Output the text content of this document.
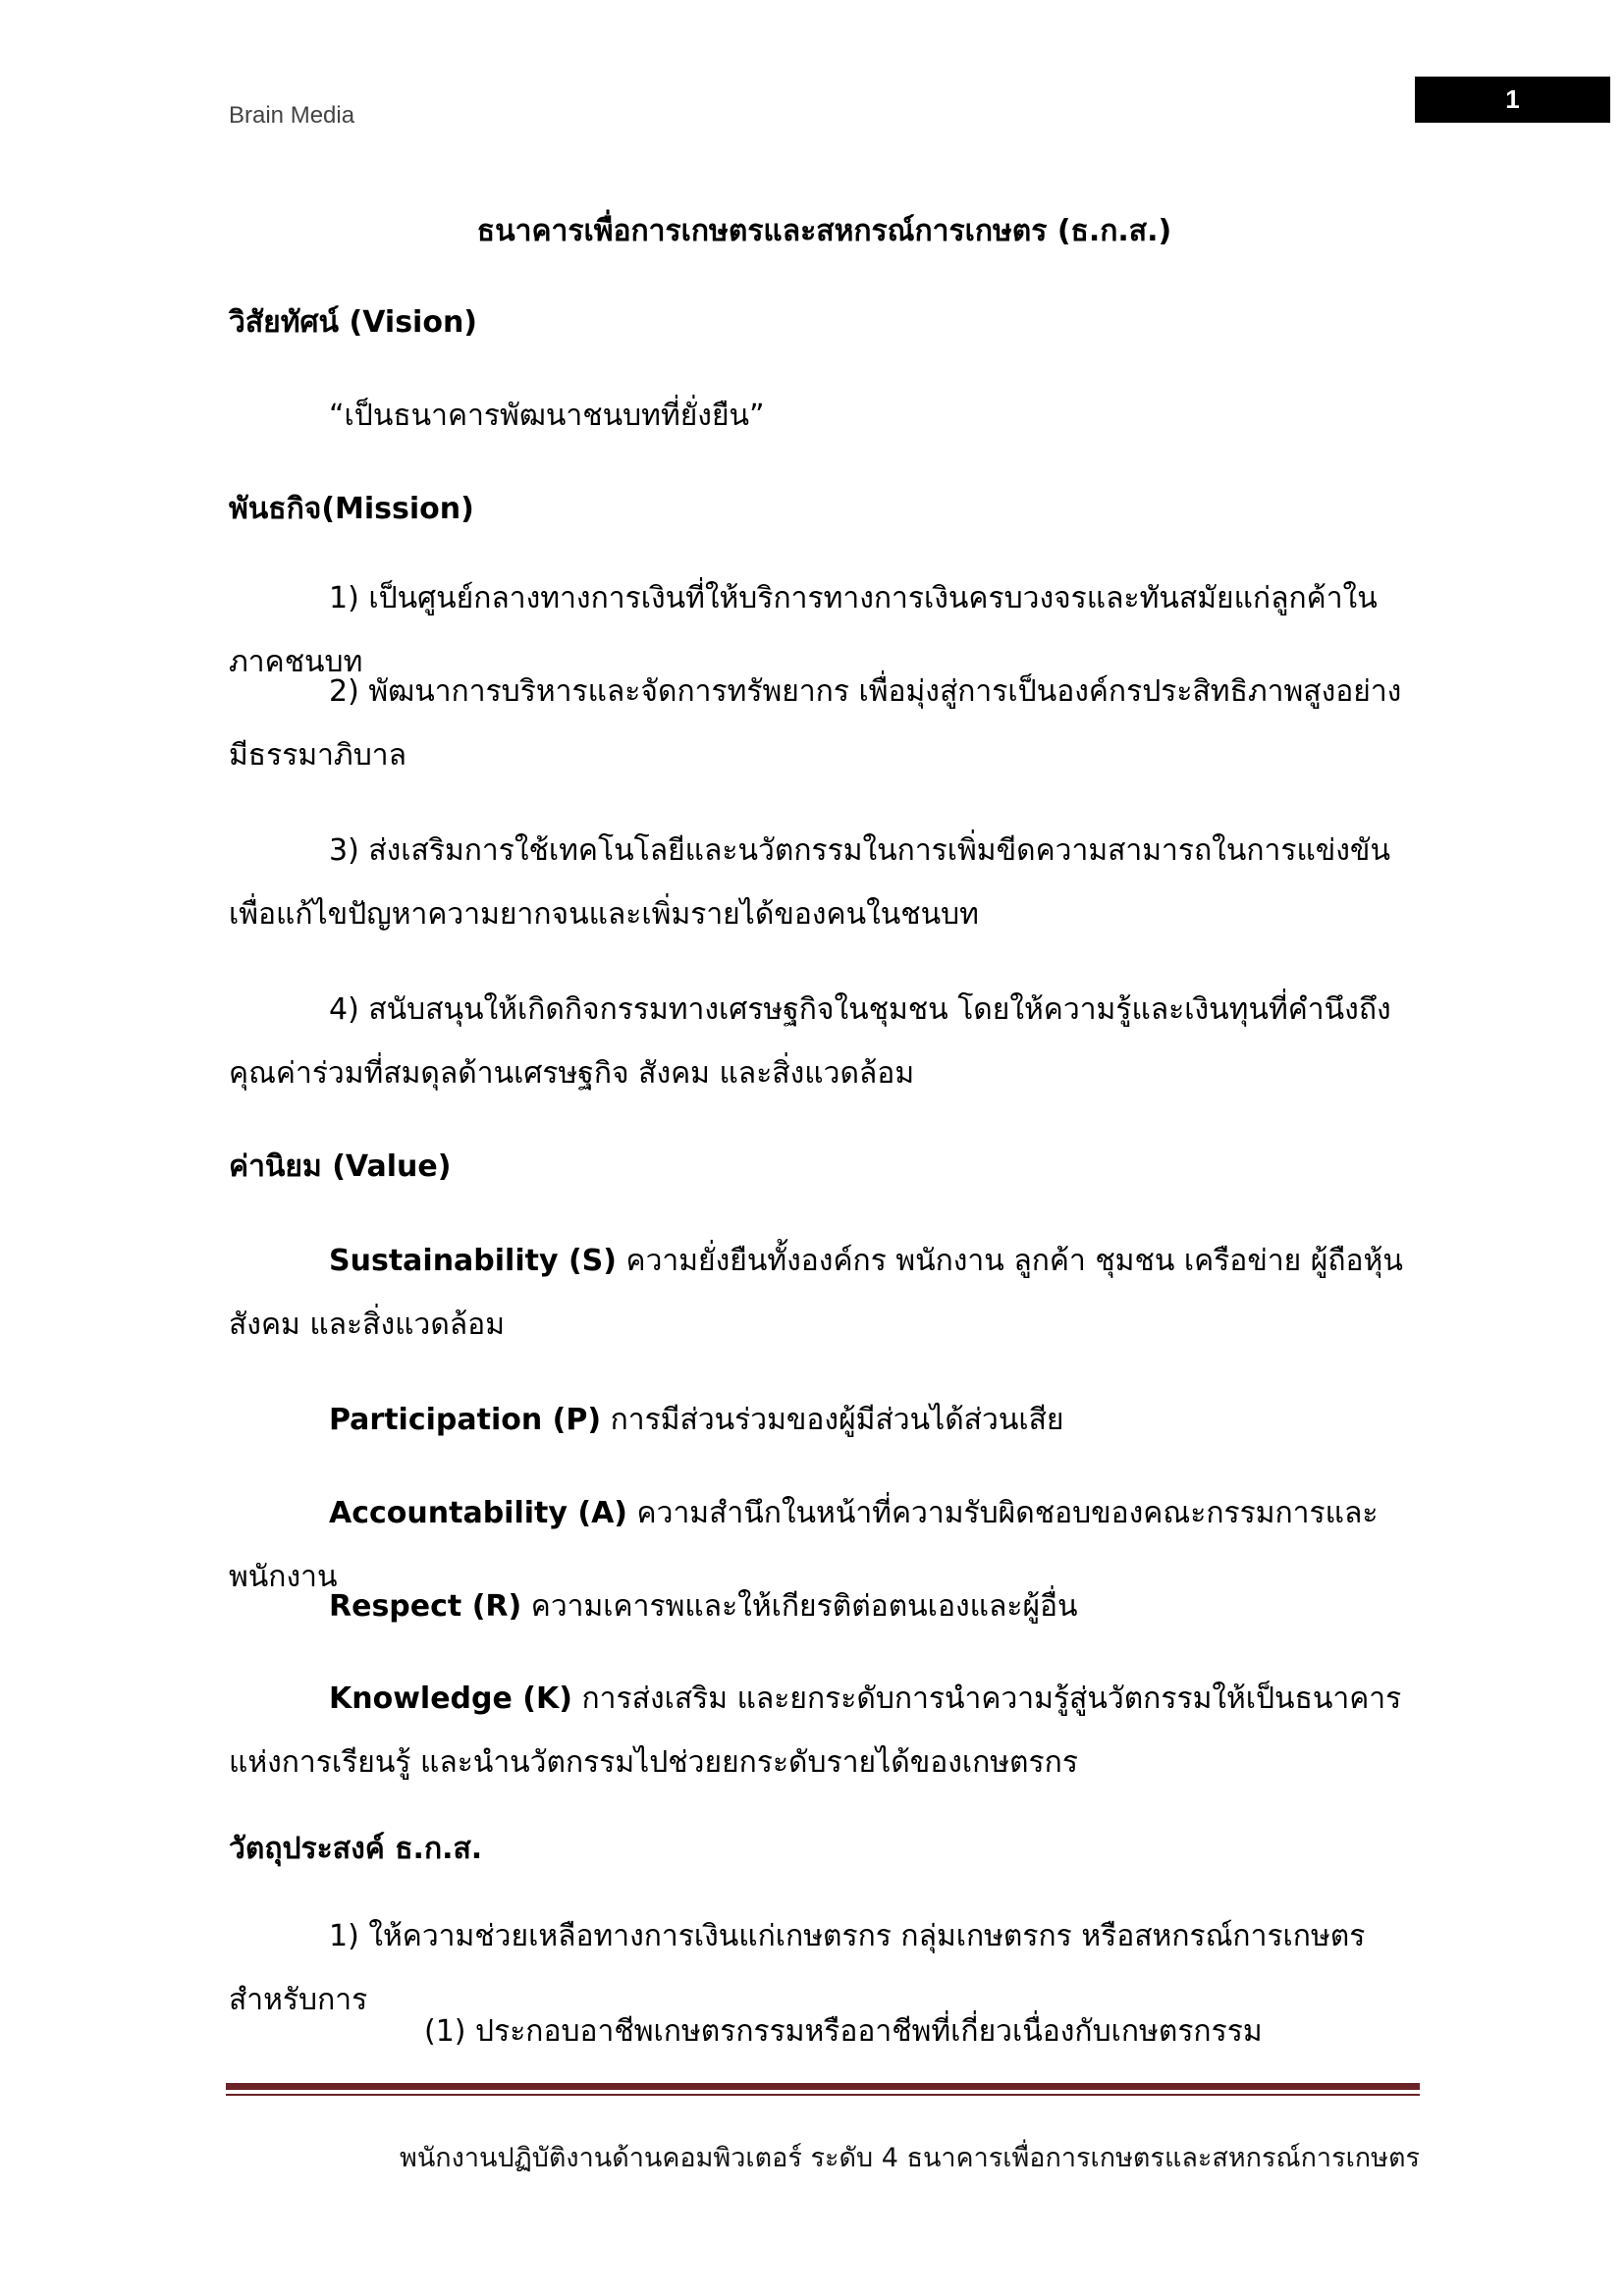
Brain Media
1
ธนาคารเพื่อการเกษตรและสหกรณ์การเกษตร (ธ.ก.ส.)
วิสัยทัศน์ (Vision)
“เป็นธนาคารพัฒนาชนบทที่ยั่งยืน”
พันธกิจ(Mission)
1) เป็นศูนย์กลางทางการเงินที่ให้บริการทางการเงินครบวงจรและทันสมัยแก่ลูกค้าในภาคชนบท
2) พัฒนาการบริหารและจัดการทรัพยากร เพื่อมุ่งสู่การเป็นองค์กรประสิทธิภาพสูงอย่างมีธรรมาภิบาล
3) ส่งเสริมการใช้เทคโนโลยีและนวัตกรรมในการเพิ่มขีดความสามารถในการแข่งขัน เพื่อแก้ไขปัญหาความยากจนและเพิ่มรายได้ของคนในชนบท
4) สนับสนุนให้เกิดกิจกรรมทางเศรษฐกิจในชุมชน โดยให้ความรู้และเงินทุนที่คำนึงถึงคุณค่าร่วมที่สมดุลด้านเศรษฐกิจ สังคม และสิ่งแวดล้อม
ค่านิยม (Value)
Sustainability (S) ความยั่งยืนทั้งองค์กร พนักงาน ลูกค้า ชุมชน เครือข่าย ผู้ถือหุ้น สังคม และสิ่งแวดล้อม
Participation (P) การมีส่วนร่วมของผู้มีส่วนได้ส่วนเสีย
Accountability (A) ความสำนึกในหน้าที่ความรับผิดชอบของคณะกรรมการและพนักงาน
Respect (R) ความเคารพและให้เกียรติต่อตนเองและผู้อื่น
Knowledge (K) การส่งเสริม และยกระดับการนำความรู้สู่นวัตกรรมให้เป็นธนาคารแห่งการเรียนรู้ และนำนวัตกรรมไปช่วยยกระดับรายได้ของเกษตรกร
วัตถุประสงค์ ธ.ก.ส.
1) ให้ความช่วยเหลือทางการเงินแก่เกษตรกร กลุ่มเกษตรกร หรือสหกรณ์การเกษตรสำหรับการ
(1) ประกอบอาชีพเกษตรกรรมหรืออาชีพที่เกี่ยวเนื่องกับเกษตรกรรม
พนักงานปฏิบัติงานด้านคอมพิวเตอร์ ระดับ 4 ธนาคารเพื่อการเกษตรและสหกรณ์การเกษตร
